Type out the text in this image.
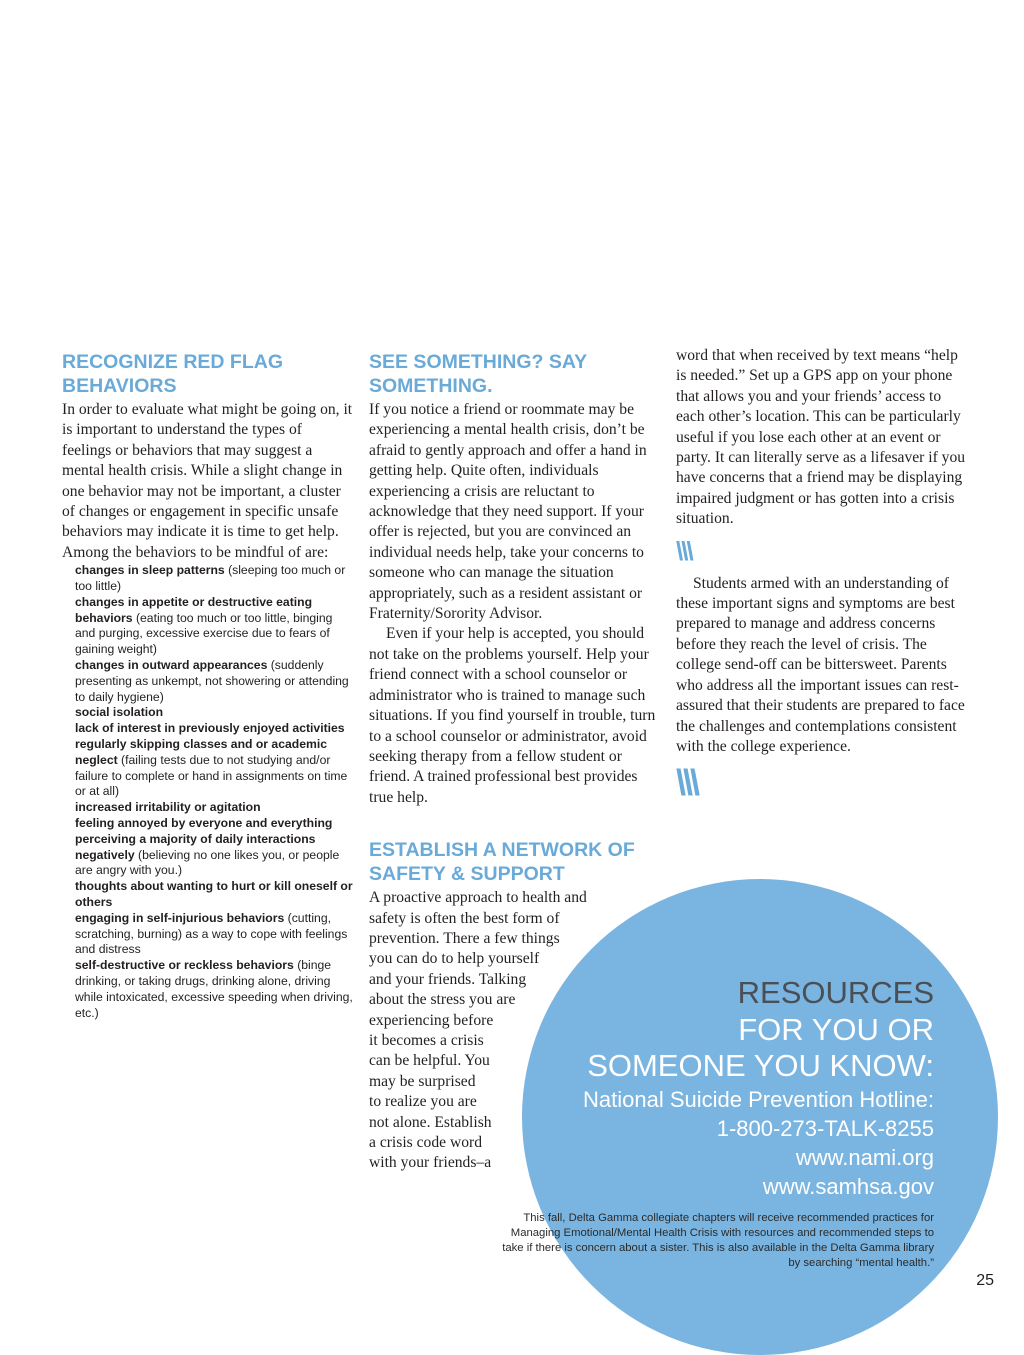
RECOGNIZE RED FLAG BEHAVIORS

In order to evaluate what might be going on, it is important to understand the types of feelings or behaviors that may suggest a mental health crisis. While a slight change in one behavior may not be important, a cluster of changes or engagement in specific unsafe behaviors may indicate it is time to get help. Among the behaviors to be mindful of are:

changes in sleep patterns (sleeping too much or too little)
changes in appetite or destructive eating behaviors (eating too much or too little, binging and purging, excessive exercise due to fears of gaining weight)
changes in outward appearances (suddenly presenting as unkempt, not showering or attending to daily hygiene)
social isolation
lack of interest in previously enjoyed activities
regularly skipping classes and or academic neglect (failing tests due to not studying and/or failure to complete or hand in assignments on time or at all)
increased irritability or agitation
feeling annoyed by everyone and everything
perceiving a majority of daily interactions negatively (believing no one likes you, or people are angry with you.)
thoughts about wanting to hurt or kill oneself or others
engaging in self-injurious behaviors (cutting, scratching, burning) as a way to cope with feelings and distress
self-destructive or reckless behaviors (binge drinking, or taking drugs, drinking alone, driving while intoxicated, excessive speeding when driving, etc.)
SEE SOMETHING? SAY SOMETHING.

If you notice a friend or roommate may be experiencing a mental health crisis, don’t be afraid to gently approach and offer a hand in getting help. Quite often, individuals experiencing a crisis are reluctant to acknowledge that they need support. If your offer is rejected, but you are convinced an individual needs help, take your concerns to someone who can manage the situation appropriately, such as a resident assistant or Fraternity/Sorority Advisor.

Even if your help is accepted, you should not take on the problems yourself. Help your friend connect with a school counselor or administrator who is trained to manage such situations. If you find yourself in trouble, turn to a school counselor or administrator, avoid seeking therapy from a fellow student or friend. A trained professional best provides true help.

ESTABLISH A NETWORK OF SAFETY & SUPPORT

A proactive approach to health and

safety is often the best form of

prevention. There a few things

you can do to help yourself

and your friends. Talking

about the stress you are

experiencing before

it becomes a crisis

can be helpful. You

may be surprised

to realize you are

not alone. Establish

a crisis code word

with your friends–a

word that when received by text means “help is needed.” Set up a GPS app on your phone that allows you and your friends’ access to each other’s location. This can be particularly useful if you lose each other at an event or party. It can literally serve as a lifesaver if you have concerns that a friend may be displaying impaired judgment or has gotten into a crisis situation.

\\\

Students armed with an understanding of these important signs and symptoms are best prepared to manage and address concerns before they reach the level of crisis. The college send-off can be bittersweet. Parents who address all the important issues can rest-assured that their students are prepared to face the challenges and contemplations consistent with the college experience.

\\\

RESOURCES

FOR YOU OR

SOMEONE YOU KNOW:

National Suicide Prevention Hotline:

1-800-273-TALK-8255

www.nami.org

www.samhsa.gov

This fall, Delta Gamma collegiate chapters will receive recommended practices for Managing Emotional/Mental Health Crisis with resources and recommended steps to take if there is concern about a sister. This is also available in the Delta Gamma library by searching “mental health.”

25
